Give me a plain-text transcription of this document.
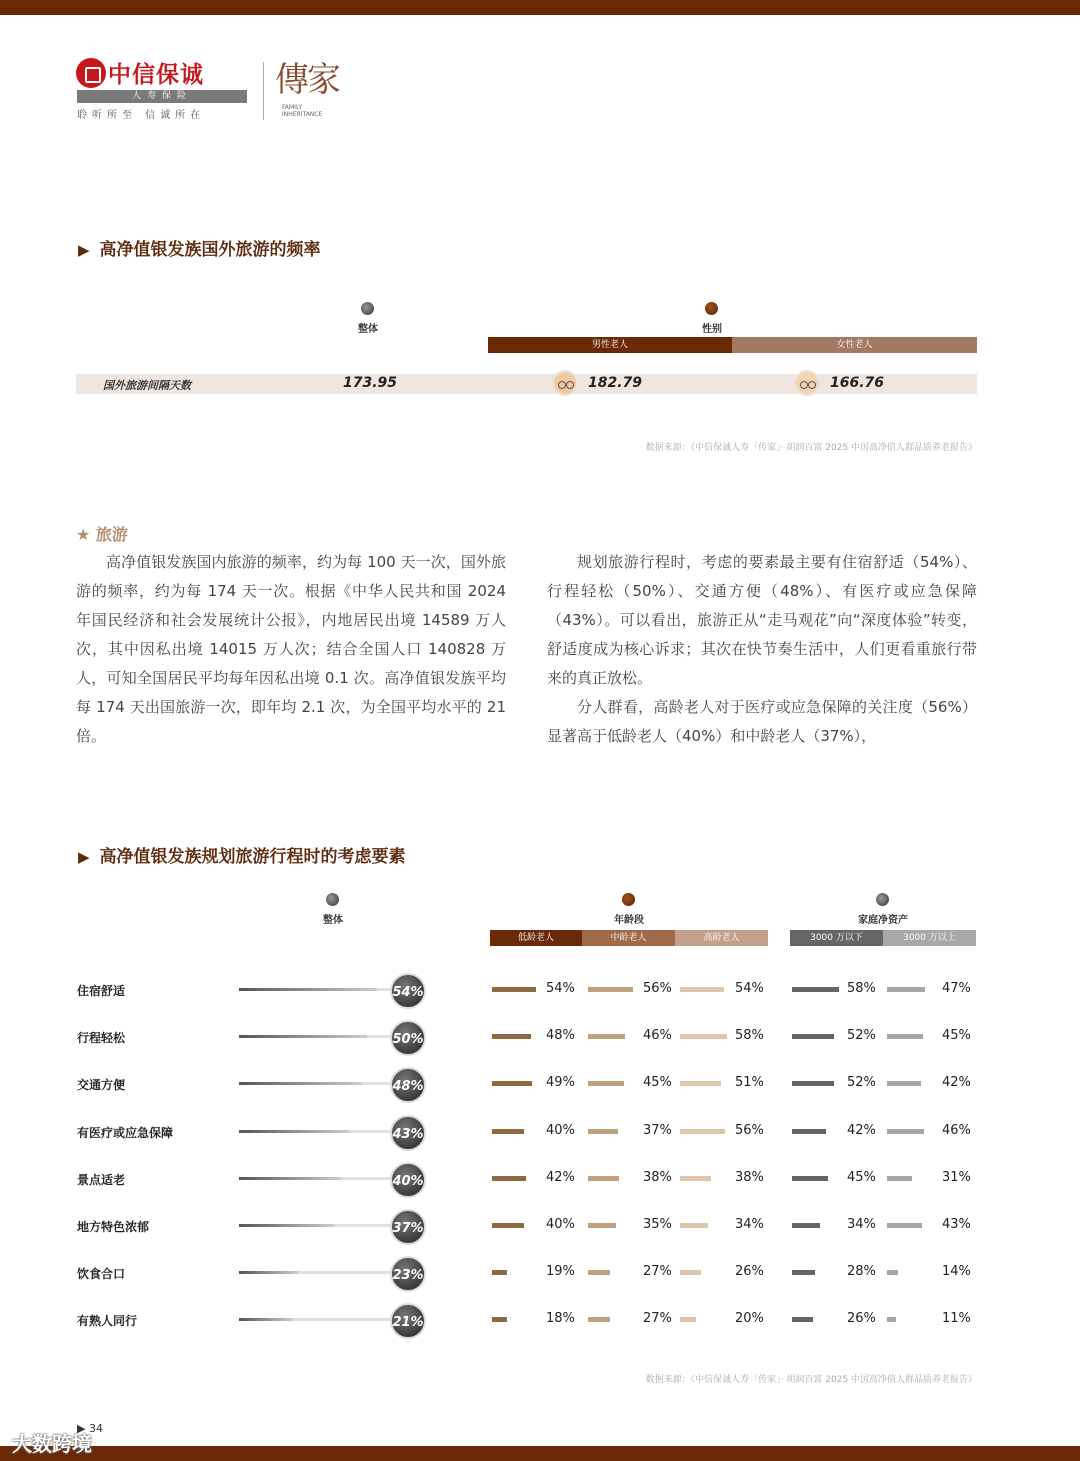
中信保诚
人寿保险
聆听所至 信诚所在
傳家
FAMILY INHERITANCE
▶ 高净值银发族国外旅游的频率
整体	性别
男性老人	女性老人
国外旅游间隔天数	173.95	182.79	166.76
数据来源：《中信保诚人寿「传家」· 胡润百富 2025 中国高净值人群品质养老报告》
★ 旅游

高净值银发族国内旅游的频率，约为每 100 天一次，国外旅游的频率，约为每 174 天一次。根据《中华人民共和国 2024 年国民经济和社会发展统计公报》，内地居民出境 14589 万人次，其中因私出境 14015 万人次；结合全国人口 140828 万人，可知全国居民平均每年因私出境 0.1 次。高净值银发族平均每 174 天出国旅游一次，即年均 2.1 次，为全国平均水平的 21 倍。

规划旅游行程时，考虑的要素最主要有住宿舒适（54%）、行程轻松（50%）、交通方便（48%）、有医疗或应急保障（43%）。可以看出，旅游正从“走马观花”向“深度体验”转变，舒适度成为核心诉求；其次在快节奏生活中，人们更看重旅行带来的真正放松。

分人群看，高龄老人对于医疗或应急保障的关注度（56%）显著高于低龄老人（40%）和中龄老人（37%），

▶ 高净值银发族规划旅游行程时的考虑要素
整体	年龄段	家庭净资产
低龄老人	中龄老人	高龄老人	3000 万以下	3000 万以上
住宿舒适	54%	54%	56%	54%	58%	47%
行程轻松	50%	48%	46%	58%	52%	45%
交通方便	48%	49%	45%	51%	52%	42%
有医疗或应急保障	43%	40%	37%	56%	42%	46%
景点适老	40%	42%	38%	38%	45%	31%
地方特色浓郁	37%	40%	35%	34%	34%	43%
饮食合口	23%	19%	27%	26%	28%	14%
有熟人同行	21%	18%	27%	20%	26%	11%
数据来源：《中信保诚人寿「传家」· 胡润百富 2025 中国高净值人群品质养老报告》
▶ 34
大数跨境
